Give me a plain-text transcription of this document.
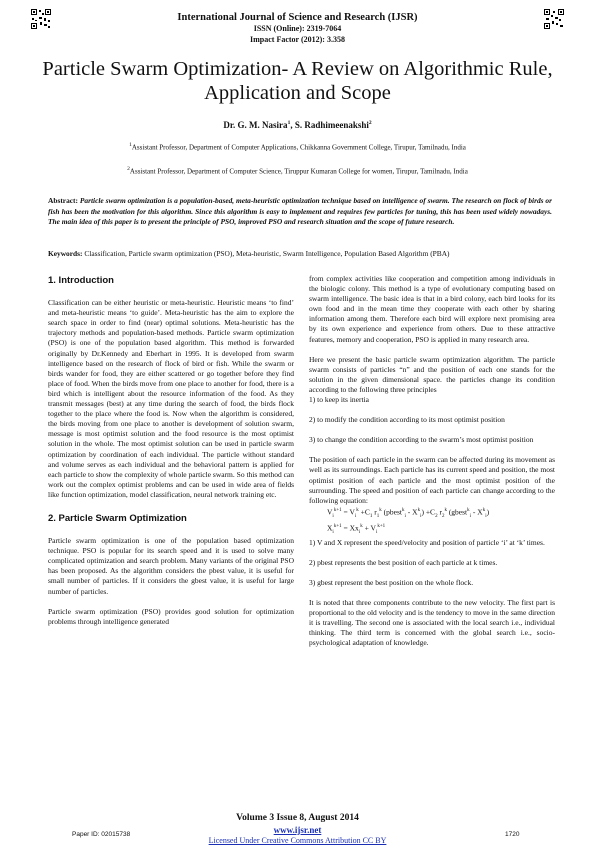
International Journal of Science and Research (IJSR)
ISSN (Online): 2319-7064
Impact Factor (2012): 3.358
Particle Swarm Optimization- A Review on Algorithmic Rule, Application and Scope
Dr. G. M. Nasira$^1$, S. Radhimeenakshi$^2$
$^1$Assistant Professor, Department of Computer Applications, Chikkanna Government College, Tirupur, Tamilnadu, India
$^2$Assistant Professor, Department of Computer Science, Tiruppur Kumaran College for women, Tirupur, Tamilnadu, India
Abstract: Particle swarm optimization is a population-based, meta-heuristic optimization technique based on intelligence of swarm. The research on flock of birds or fish has been the motivation for this algorithm. Since this algorithm is easy to implement and requires few particles for tuning, this has been used widely nowadays. The main idea of this paper is to present the principle of PSO, improved PSO and research situation and the scope of future research.
Keywords: Classification, Particle swarm optimization (PSO), Meta-heuristic, Swarm Intelligence, Population Based Algorithm (PBA)
1. Introduction

Classification can be either heuristic or meta-heuristic. Heuristic means ‘to find’ and meta-heuristic means ‘to guide’. Meta-heuristic has the aim to explore the search space in order to find (near) optimal solutions. Meta-heuristic has the trajectory methods and population-based methods. Particle swarm optimization (PSO) is one of the population based algorithm. This method is forwarded originally by Dr.Kennedy and Eberhart in 1995. It is developed from swarm intelligence based on the research of flock of bird or fish. While the swarm or birds wander for food, they are either scattered or go together before they find place of food. When the birds move from one place to another for food, there is a bird which is intelligent about the resource information of the food. As they transmit messages (best) at any time during the search of food, the birds flock together to the place where the food is. Now when the algorithm is considered, the birds moving from one place to another is development of solution swarm, message is most optimist solution and the food resource is the most optimist solution in the whole. The most optimist solution can be used in particle swarm optimization by coordination of each individual. The particle without standard and volume serves as each individual and the behavioral pattern is applied for each particle to show the complexity of whole particle swarm. So this method can work out the complex optimist problems and can be used in wide area of fields like function optimization, model classification, neural network training etc.

2. Particle Swarm Optimization

Particle swarm optimization is one of the population based optimization technique. PSO is popular for its search speed and it is used to solve many complicated optimization and search problem. Many variants of the original PSO has been proposed. As the algorithm considers the pbest value, it is useful for small number of particles. If it considers the gbest value, it is useful for large number of particles.

Particle swarm optimization (PSO) provides good solution for optimization problems through intelligence generated

from complex activities like cooperation and competition among individuals in the biologic colony. This method is a type of evolutionary computing based on swarm intelligence. The basic idea is that in a bird colony, each bird looks for its own food and in the mean time they cooperate with each other by sharing information among them. Therefore each bird will explore next promising area by its own experience and experience from others. Due to these attractive features, memory and cooperation, PSO is applied in many research area.

Here we present the basic particle swarm optimization algorithm. The particle swarm consists of particles “n” and the position of each one stands for the solution in the given dimensional space. the particles change its condition according to the following three principles

1) to keep its inertia

2) to modify the condition according to its most optimist position

3) to change the condition according to the swarm’s most optimist position

The position of each particle in the swarm can be affected during its movement as well as its surroundings. Each particle has its current speed and position, the most optimist position of each particle and the most optimist position of the surrounding. The speed and position of each particle can change according to the following equation:

$V_i^{k+1} = V_i^k +C_1$ $r_1^k$ (pbest$^k_i$ - $X^k_i) +C_2$ $r_2^k$ (gbest$^k_i$ - $X^k_i$)
$X_i^{k+1} = Xx_i^k + V_i^{k+1}$

1) V and X represent the speed/velocity and position of particle ‘i’ at ‘k’ times.

2) pbest represents the best position of each particle at k times.

3) gbest represent the best position on the whole flock.

It is noted that three components contribute to the new velocity. The first part is proportional to the old velocity and is the tendency to move in the same direction it is travelling. The second one is associated with the local search i.e., individual thinking. The third term is concerned with the global search i.e., socio-psychological adaptation of knowledge.

Volume 3 Issue 8, August 2014
www.ijsr.net
Licensed Under Creative Commons Attribution CC BY
Paper ID: 02015738	1720
